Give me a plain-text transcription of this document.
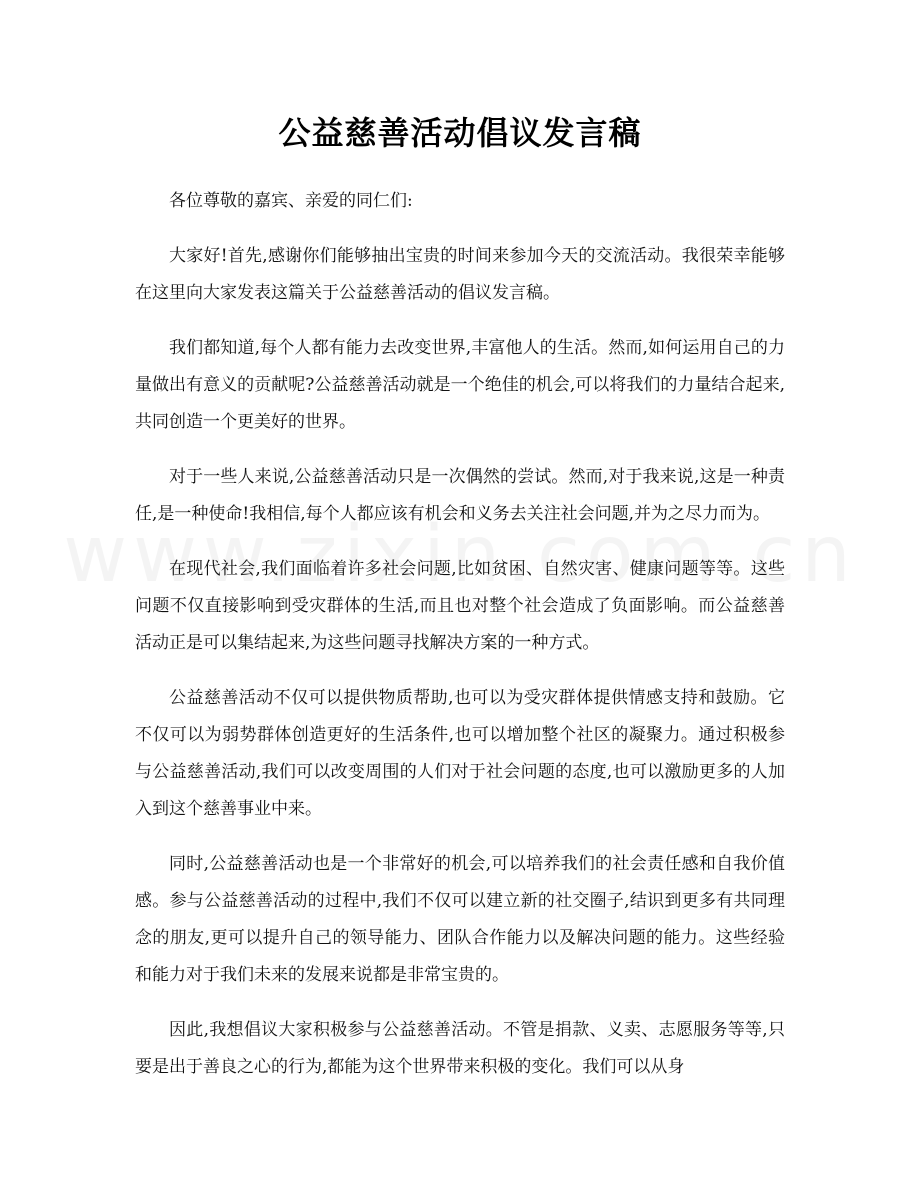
公益慈善活动倡议发言稿

各位尊敬的嘉宾、亲爱的同仁们:

大家好!首先,感谢你们能够抽出宝贵的时间来参加今天的交流活动。我很荣幸能够在这里向大家发表这篇关于公益慈善活动的倡议发言稿。

我们都知道,每个人都有能力去改变世界,丰富他人的生活。然而,如何运用自己的力量做出有意义的贡献呢?公益慈善活动就是一个绝佳的机会,可以将我们的力量结合起来,共同创造一个更美好的世界。

对于一些人来说,公益慈善活动只是一次偶然的尝试。然而,对于我来说,这是一种责任,是一种使命!我相信,每个人都应该有机会和义务去关注社会问题,并为之尽力而为。

在现代社会,我们面临着许多社会问题,比如贫困、自然灾害、健康问题等等。这些问题不仅直接影响到受灾群体的生活,而且也对整个社会造成了负面影响。而公益慈善活动正是可以集结起来,为这些问题寻找解决方案的一种方式。

公益慈善活动不仅可以提供物质帮助,也可以为受灾群体提供情感支持和鼓励。它不仅可以为弱势群体创造更好的生活条件,也可以增加整个社区的凝聚力。通过积极参与公益慈善活动,我们可以改变周围的人们对于社会问题的态度,也可以激励更多的人加入到这个慈善事业中来。

同时,公益慈善活动也是一个非常好的机会,可以培养我们的社会责任感和自我价值感。参与公益慈善活动的过程中,我们不仅可以建立新的社交圈子,结识到更多有共同理念的朋友,更可以提升自己的领导能力、团队合作能力以及解决问题的能力。这些经验和能力对于我们未来的发展来说都是非常宝贵的。

因此,我想倡议大家积极参与公益慈善活动。不管是捐款、义卖、志愿服务等等,只要是出于善良之心的行为,都能为这个世界带来积极的变化。我们可以从身
